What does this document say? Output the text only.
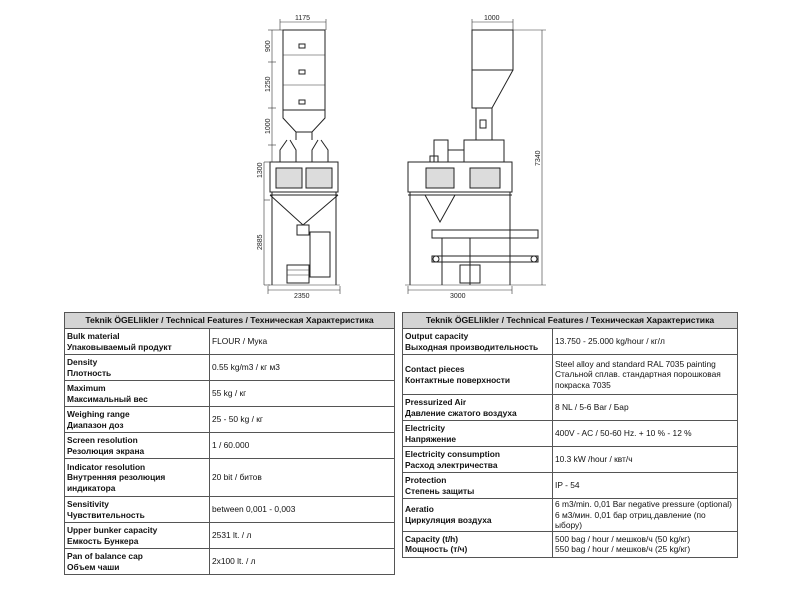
1175
900
1250
1000
1300
2885
2350
1000
7340
3000
Teknik ÖGELlikler / Technical Features / Техническая Характеристика	

Bulk material
Упаковываемый продукт	FLOUR / Мука

Density
Плотность	0.55 kg/m3 / кг м3

Maximum
Максимальный вес	55 kg / кг

Weighing range
Диапазон доз	25 - 50 kg / кг

Screen resolution
Резолюция экрана	1 / 60.000

Indicator resolution
Внутренняя резолюция
индикатора	20 bit / битов

Sensitivity
Чувствительность	between 0,001 - 0,003

Upper bunker capacity
Емкость Бункера	2531 lt. / л

Pan of balance cap
Объем чаши	2x100 lt. / л
Teknik ÖGELlikler / Technical Features / Техническая Характеристика	

Output capacity
Выходная производительность	13.750 - 25.000 kg/hour / кг/л

Contact pieces
Контактные поверхности	Steel alloy and standard RAL 7035 painting
Стальной сплав. стандартная порошковая
покраска 7035

Pressurized Air
Давление сжатого воздуха	8 NL / 5-6 Bar / Бар

Electricity
Напряжение	400V - AC / 50-60 Hz. + 10 % - 12 %

Electricity consumption
Расход электричества	10.3 kW /hour / квт/ч

Protection
Степень защиты	IP - 54

Aeratio
Циркуляция воздуха	6 m3/min. 0,01 Bar negative pressure (optional)
6 м3/мин. 0,01 бар отриц.давление (по ыбору)

Capacity (t/h)
Мощность (т/ч)	500 bag / hour / мешков/ч (50 kg/кг)
550 bag / hour / мешков/ч (25 kg/кг)
